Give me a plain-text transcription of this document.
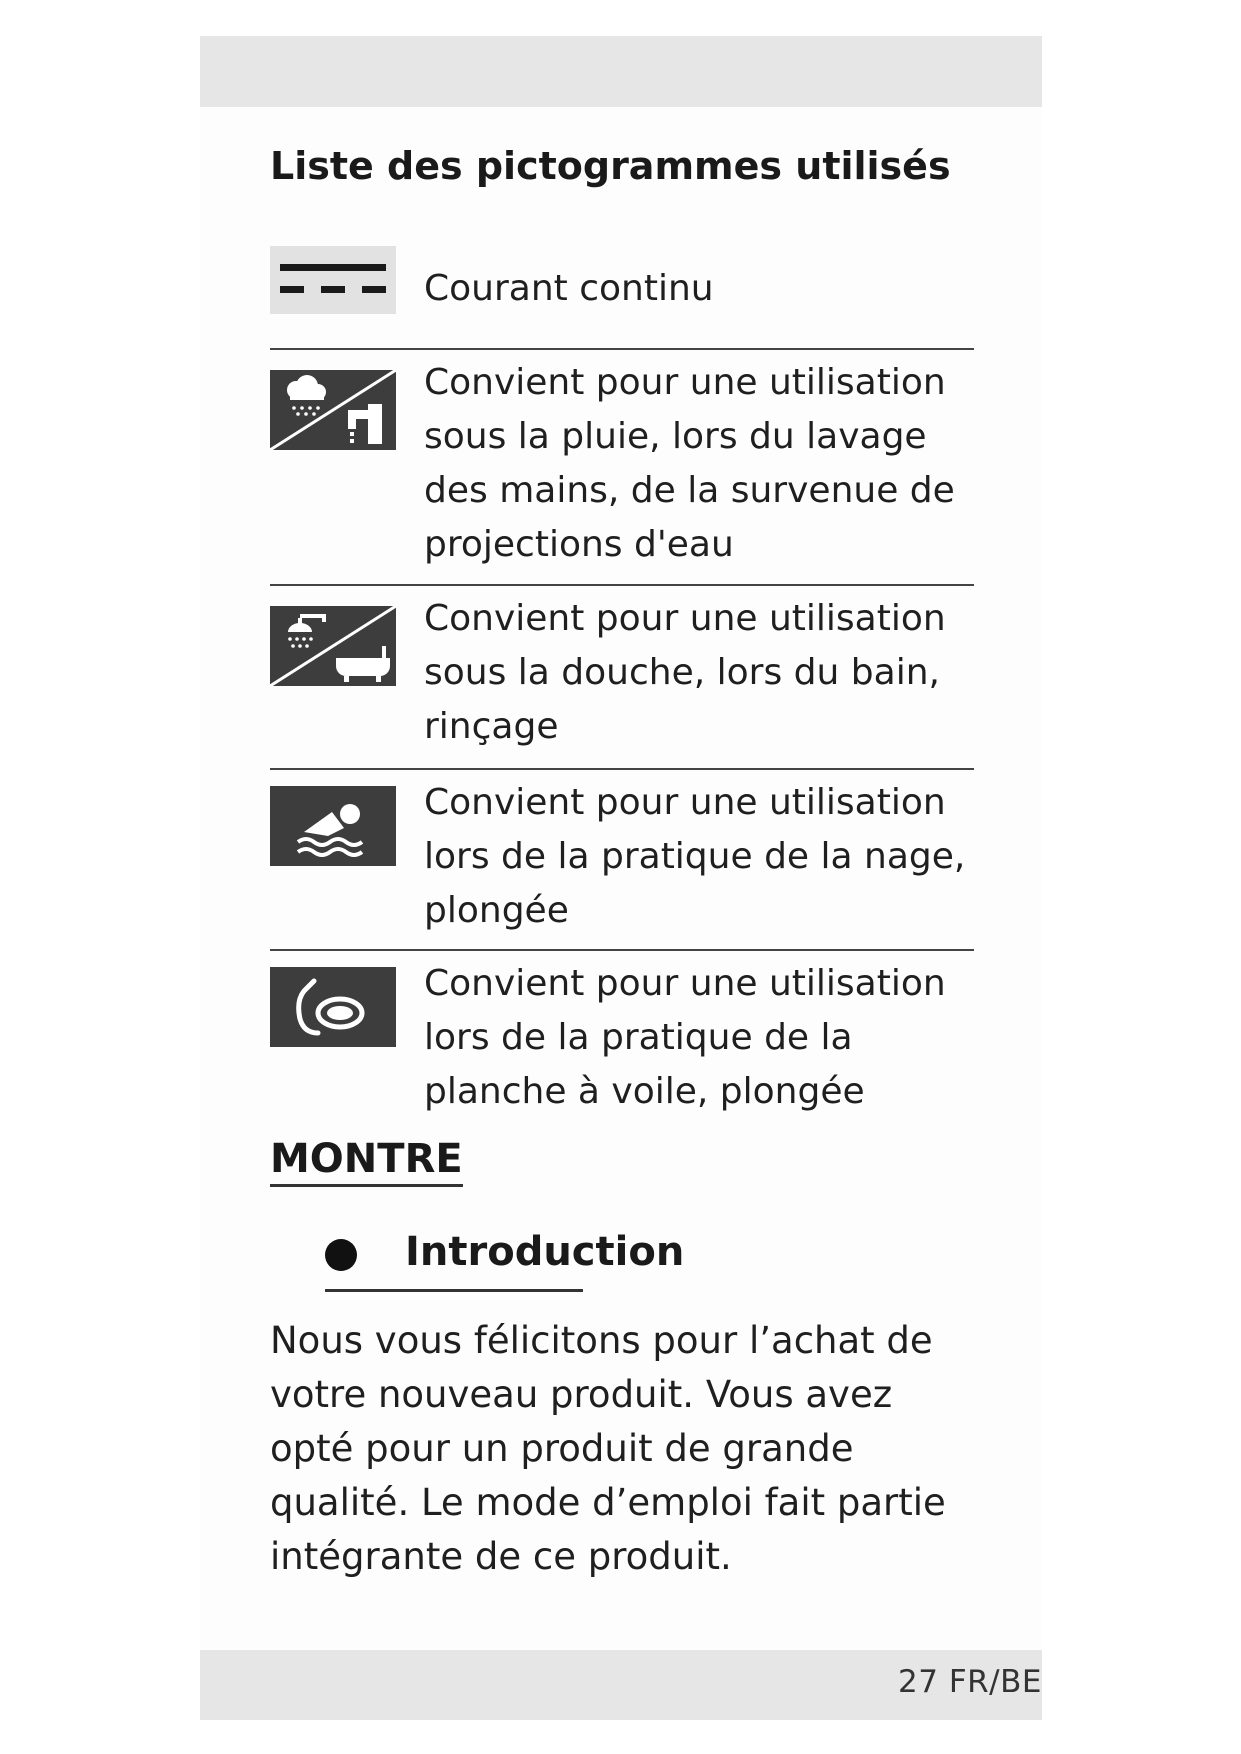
Liste des pictogrammes utilisés
Courant continu
Convient pour une utilisation sous la pluie, lors du lavage des mains, de la survenue de projections d'eau
Convient pour une utilisation sous la douche, lors du bain, rinçage
Convient pour une utilisation lors de la pratique de la nage, plongée
Convient pour une utilisation lors de la pratique de la planche à voile, plongée
MONTRE
Introduction

Nous vous félicitons pour l’achat de votre nouveau produit. Vous avez opté pour un produit de grande qualité. Le mode d’emploi fait partie intégrante de ce produit.

27 FR/BE
